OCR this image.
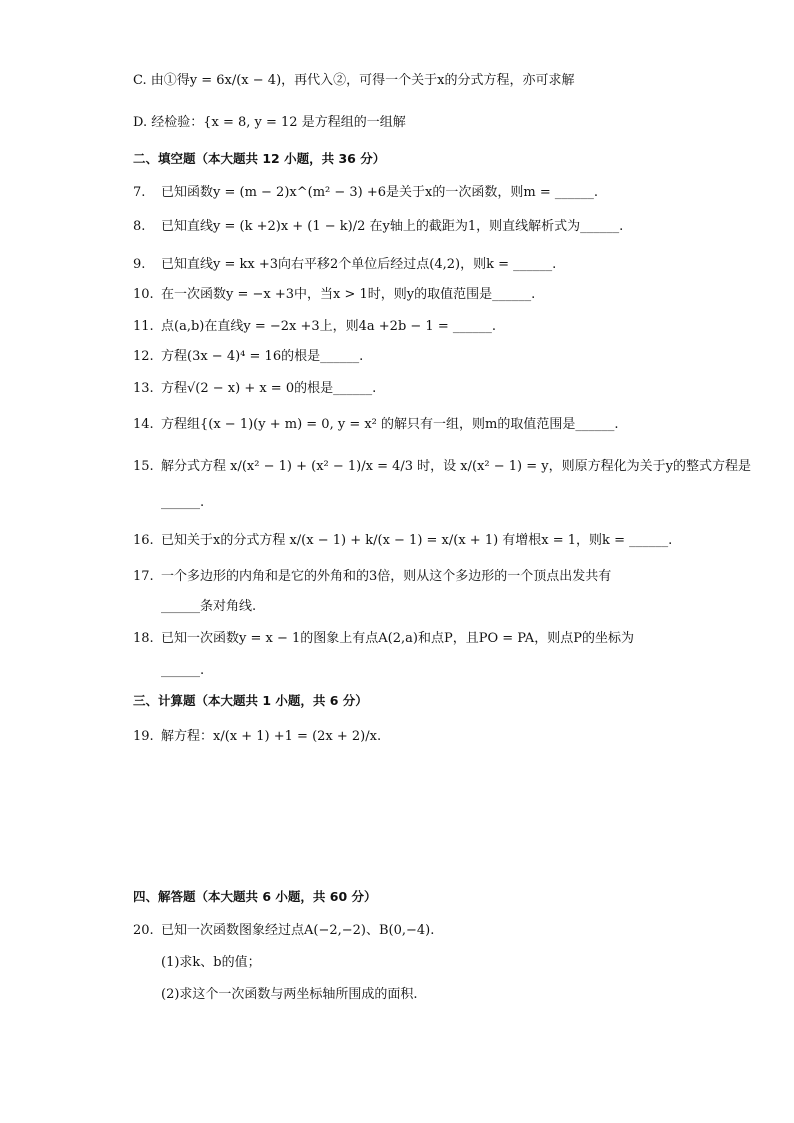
C. 由①得y = 6x/(x − 4)，再代入②，可得一个关于x的分式方程，亦可求解
D. 经检验：{x = 8, y = 12 是方程组的一组解
二、填空题（本大题共 12 小题，共 36 分）
7.	已知函数y = (m − 2)x^(m² − 3) +6是关于x的一次函数，则m = ______.
8.	已知直线y = (k +2)x + (1 − k)/2 在y轴上的截距为1，则直线解析式为______.
9.	已知直线y = kx +3向右平移2个单位后经过点(4,2)，则k = ______.
10. 在一次函数y = −x +3中，当x > 1时，则y的取值范围是______.
11. 点(a,b)在直线y = −2x +3上，则4a +2b − 1 = ______.
12. 方程(3x − 4)⁴ = 16的根是______.
13. 方程√(2 − x) + x = 0的根是______.
14. 方程组{(x − 1)(y + m) = 0, y = x² 的解只有一组，则m的取值范围是______.
15. 解分式方程 x/(x² − 1) + (x² − 1)/x = 4/3 时，设 x/(x² − 1) = y，则原方程化为关于y的整式方程是
______.
16. 已知关于x的分式方程 x/(x − 1) + k/(x − 1) = x/(x + 1) 有增根x = 1，则k = ______.
17. 一个多边形的内角和是它的外角和的3倍，则从这个多边形的一个顶点出发共有
______条对角线.
18. 已知一次函数y = x − 1的图象上有点A(2,a)和点P，且PO = PA，则点P的坐标为
______.
三、计算题（本大题共 1 小题，共 6 分）
19. 解方程：x/(x + 1) +1 = (2x + 2)/x.
四、解答题（本大题共 6 小题，共 60 分）
20. 已知一次函数图象经过点A(−2,−2)、B(0,−4).
(1)求k、b的值；
(2)求这个一次函数与两坐标轴所围成的面积.
